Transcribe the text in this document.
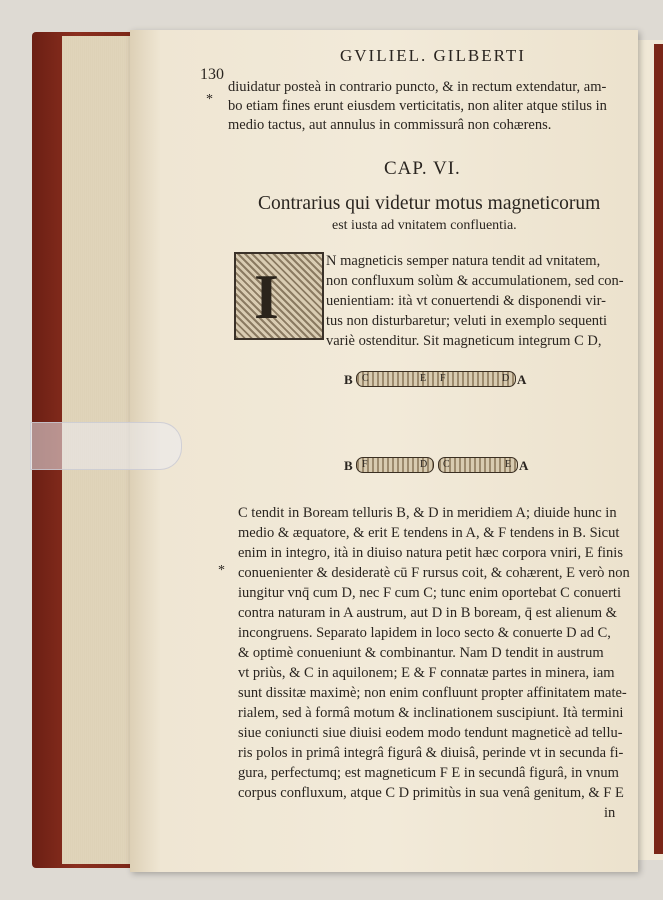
130

GVILIEL. GILBERTI

diuidatur posteà in contrario puncto, & in rectum extendatur, am-

* bo etiam fines erunt eiusdem verticitatis, non aliter atque stilus in

medio tactus, aut annulus in commissurâ non cohærens.

CAP. VI.

Contrarius qui videtur motus magneticorum

est iusta ad vnitatem confluentia.

I	N magneticis semper natura tendit ad vnitatem,

non confluxum solùm & accumulationem, sed con-

uenientiam: ità vt conuertendi & disponendi vir-

tus non disturbaretur; veluti in exemplo sequenti

variè ostenditur. Sit magneticum integrum C D,

B C	E F	D A
B F	D C	E A

C tendit in Boream telluris B, & D in meridiem A; diuide hunc in

medio & æquatore, & erit E tendens in A, & F tendens in B. Sicut

enim in integro, ità in diuiso natura petit hæc corpora vniri, E finis

* conuenienter & desideratè cū F rursus coit, & cohærent, E verò non

iungitur vnq̄ cum D, nec F cum C; tunc enim oportebat C conuerti

contra naturam in A austrum, aut D in B boream, q̄ est alienum &

incongruens. Separato lapidem in loco secto & conuerte D ad C,

& optimè conueniunt & combinantur. Nam D tendit in austrum

vt priùs, & C in aquilonem; E & F connatæ partes in minera, iam

sunt dissitæ maximè; non enim confluunt propter affinitatem mate-

rialem, sed à formâ motum & inclinationem suscipiunt. Ità termini

siue coniuncti siue diuisi eodem modo tendunt magneticè ad tellu-

ris polos in primâ integrâ figurâ & diuisâ, perinde vt in secunda fi-

gura, perfectumq; est magneticum F E in secundâ figurâ, in vnum

corpus confluxum, atque C D primitùs in sua venâ genitum, & F E

in
